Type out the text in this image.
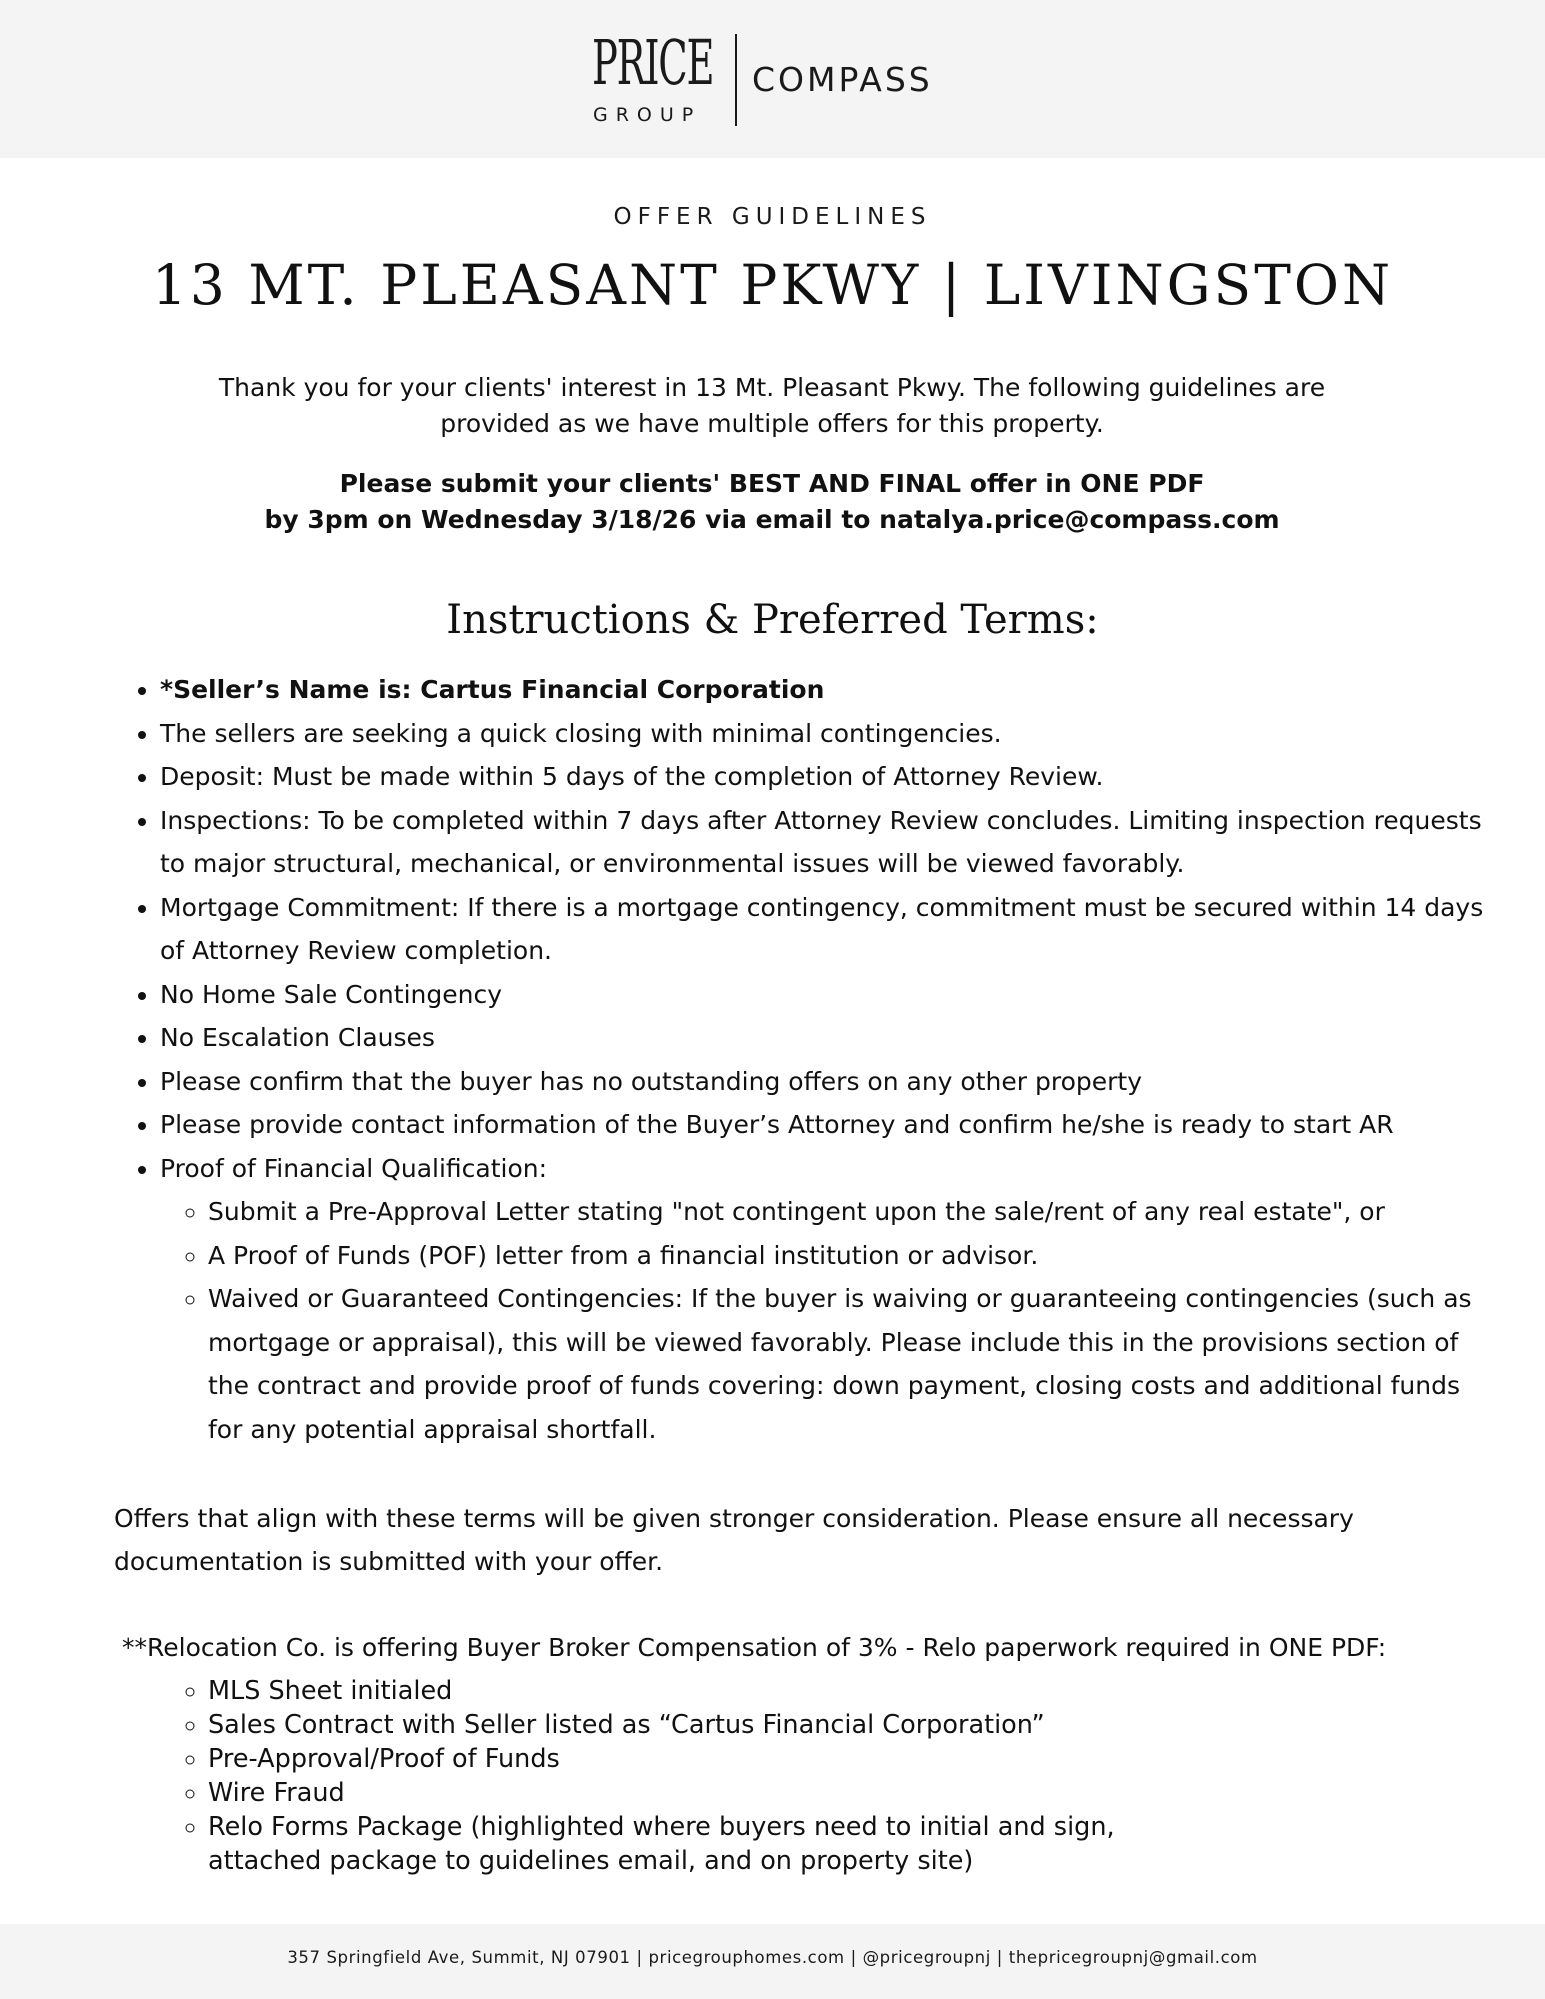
PRICE
GROUP
COMPASS
OFFER GUIDELINES
13 MT. PLEASANT PKWY | LIVINGSTON
Thank you for your clients' interest in 13 Mt. Pleasant Pkwy. The following guidelines are
provided as we have multiple offers for this property.
Please submit your clients' BEST AND FINAL offer in ONE PDF
by 3pm on Wednesday 3/18/26 via email to natalya.price@compass.com
Instructions & Preferred Terms:
• *Seller’s Name is: Cartus Financial Corporation
• The sellers are seeking a quick closing with minimal contingencies.
• Deposit: Must be made within 5 days of the completion of Attorney Review.
• Inspections: To be completed within 7 days after Attorney Review concludes. Limiting inspection requests to major structural, mechanical, or environmental issues will be viewed favorably.
• Mortgage Commitment: If there is a mortgage contingency, commitment must be secured within 14 days of Attorney Review completion.
• No Home Sale Contingency
• No Escalation Clauses
• Please confirm that the buyer has no outstanding offers on any other property
• Please provide contact information of the Buyer’s Attorney and confirm he/she is ready to start AR
• Proof of Financial Qualification:
◦ Submit a Pre-Approval Letter stating "not contingent upon the sale/rent of any real estate", or
◦ A Proof of Funds (POF) letter from a financial institution or advisor.
◦ Waived or Guaranteed Contingencies: If the buyer is waiving or guaranteeing contingencies (such as mortgage or appraisal), this will be viewed favorably. Please include this in the provisions section of the contract and provide proof of funds covering: down payment, closing costs and additional funds for any potential appraisal shortfall.
Offers that align with these terms will be given stronger consideration. Please ensure all necessary
documentation is submitted with your offer.
**Relocation Co. is offering Buyer Broker Compensation of 3% - Relo paperwork required in ONE PDF:
◦ MLS Sheet initialed
◦ Sales Contract with Seller listed as “Cartus Financial Corporation”
◦ Pre-Approval/Proof of Funds
◦ Wire Fraud
◦ Relo Forms Package (highlighted where buyers need to initial and sign,
attached package to guidelines email, and on property site)
357 Springfield Ave, Summit, NJ 07901 | pricegrouphomes.com | @pricegroupnj | thepricegroupnj@gmail.com
